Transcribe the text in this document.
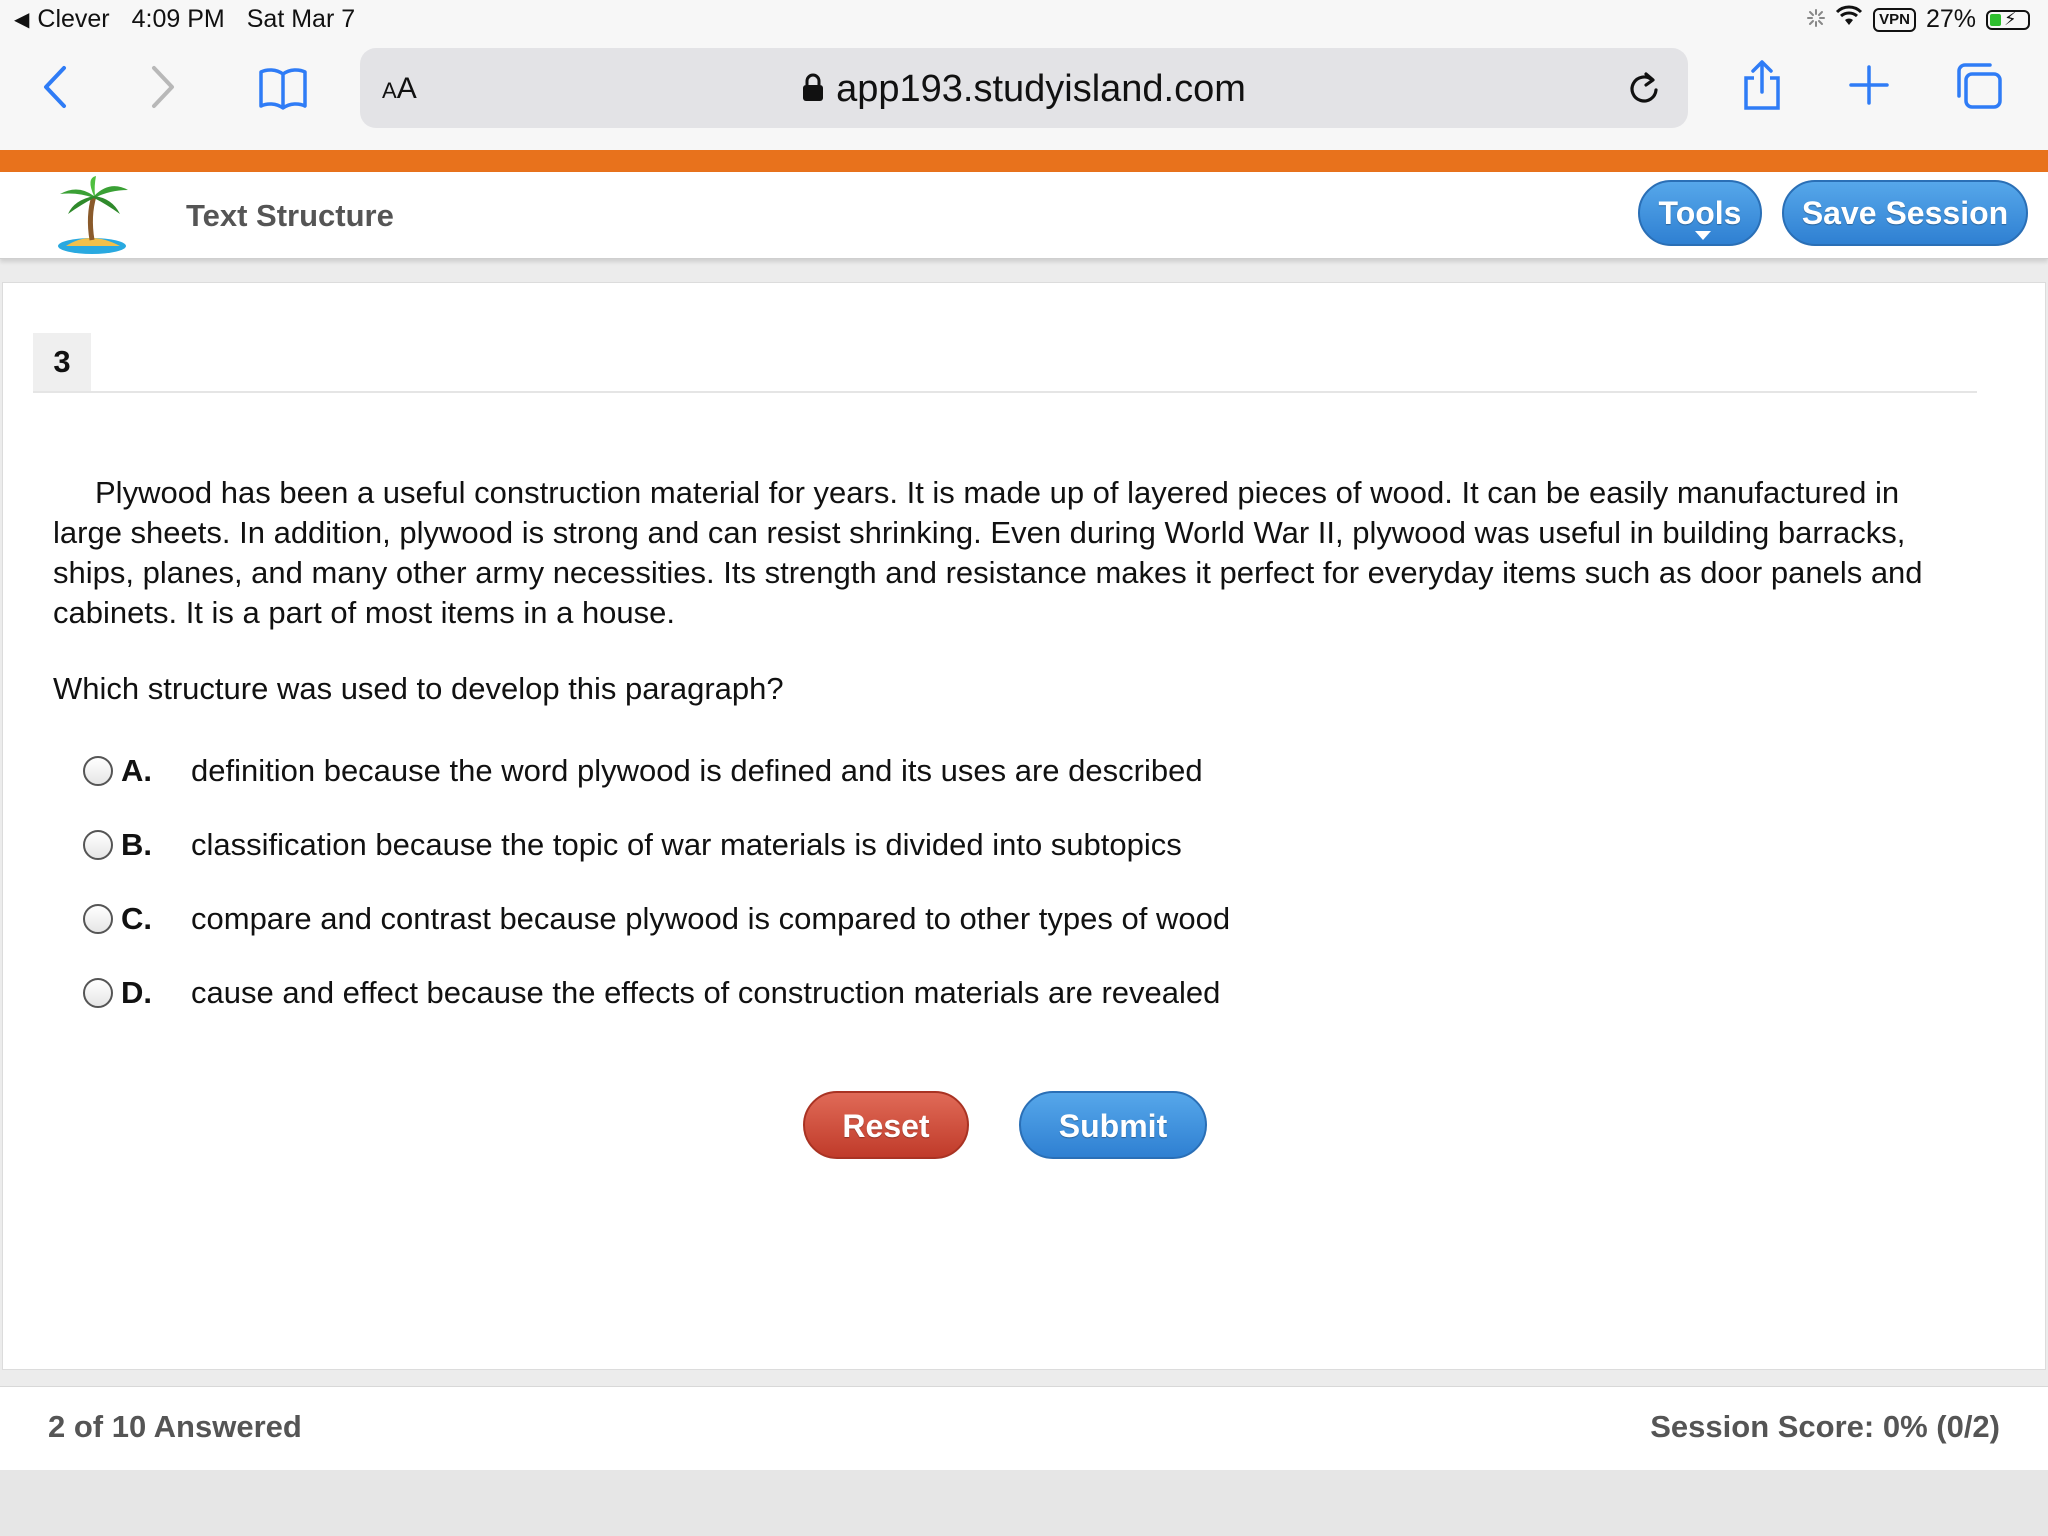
◀ Clever 4:09 PM Sat Mar 7	VPN 27% ⚡
AA	app193.studyisland.com
Text Structure	Tools	Save Session
3

Plywood has been a useful construction material for years. It is made up of layered pieces of wood. It can be easily manufactured in large sheets. In addition, plywood is strong and can resist shrinking. Even during World War II, plywood was useful in building barracks, ships, planes, and many other army necessities. Its strength and resistance makes it perfect for everyday items such as door panels and cabinets. It is a part of most items in a house.

Which structure was used to develop this paragraph?
A.	definition because the word plywood is defined and its uses are described
B.	classification because the topic of war materials is divided into subtopics
C.	compare and contrast because plywood is compared to other types of wood
D.	cause and effect because the effects of construction materials are revealed
Reset	Submit
2 of 10 Answered	Session Score: 0% (0/2)
